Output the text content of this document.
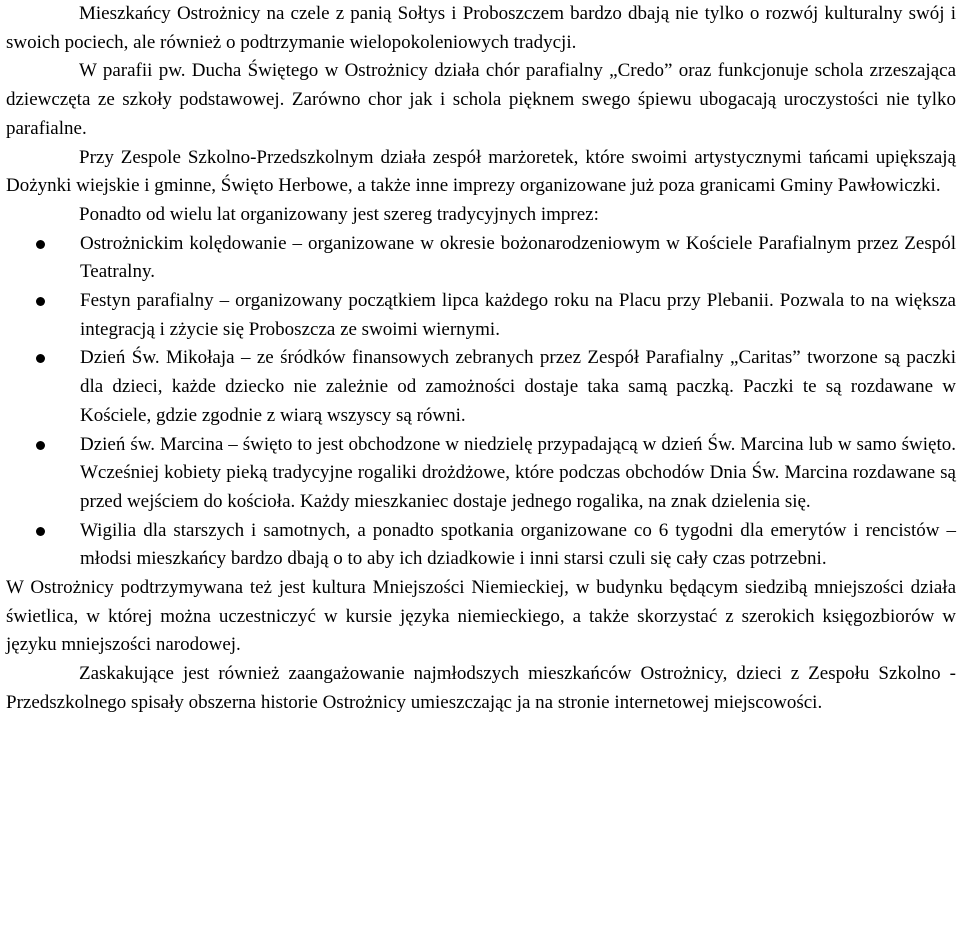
Mieszkańcy Ostrożnicy na czele z panią Sołtys i Proboszczem bardzo dbają nie tylko o rozwój kulturalny swój i swoich pociech, ale również o podtrzymanie wielopokoleniowych tradycji.

W parafii pw. Ducha Świętego w Ostrożnicy działa chór parafialny „Credo” oraz funkcjonuje schola zrzeszająca dziewczęta ze szkoły podstawowej. Zarówno chor jak i schola pięknem swego śpiewu ubogacają uroczystości nie tylko parafialne.

Przy Zespole Szkolno-Przedszkolnym działa zespół marżoretek, które swoimi artystycznymi tańcami upiększają Dożynki wiejskie i gminne, Święto Herbowe, a także inne imprezy organizowane już poza granicami Gminy Pawłowiczki.

Ponadto od wielu lat organizowany jest szereg tradycyjnych imprez:

Ostrożnickim kolędowanie – organizowane w okresie bożonarodzeniowym w Kościele Parafialnym przez Zespól Teatralny.
Festyn parafialny – organizowany początkiem lipca każdego roku na Placu przy Plebanii. Pozwala to na większa integracją i zżycie się Proboszcza ze swoimi wiernymi.
Dzień Św. Mikołaja – ze śródków finansowych zebranych przez Zespół Parafialny „Caritas” tworzone są paczki dla dzieci, każde dziecko nie zależnie od zamożności dostaje taka samą paczką. Paczki te są rozdawane w Kościele, gdzie zgodnie z wiarą wszyscy są równi.
Dzień św. Marcina – święto to jest obchodzone w niedzielę przypadającą w dzień Św. Marcina lub w samo święto. Wcześniej kobiety pieką tradycyjne rogaliki drożdżowe, które podczas obchodów Dnia Św. Marcina rozdawane są przed wejściem do kościoła. Każdy mieszkaniec dostaje jednego rogalika, na znak dzielenia się.
Wigilia dla starszych i samotnych, a ponadto spotkania organizowane co 6 tygodni dla emerytów i rencistów – młodsi mieszkańcy bardzo dbają o to aby ich dziadkowie i inni starsi czuli się cały czas potrzebni.

W Ostrożnicy podtrzymywana też jest kultura Mniejszości Niemieckiej, w budynku będącym siedzibą mniejszości działa świetlica, w której można uczestniczyć w kursie języka niemieckiego, a także skorzystać z szerokich księgozbiorów w języku mniejszości narodowej.

Zaskakujące jest również zaangażowanie najmłodszych mieszkańców Ostrożnicy, dzieci z Zespołu Szkolno - Przedszkolnego spisały obszerna historie Ostrożnicy umieszczając ja na stronie internetowej miejscowości.
